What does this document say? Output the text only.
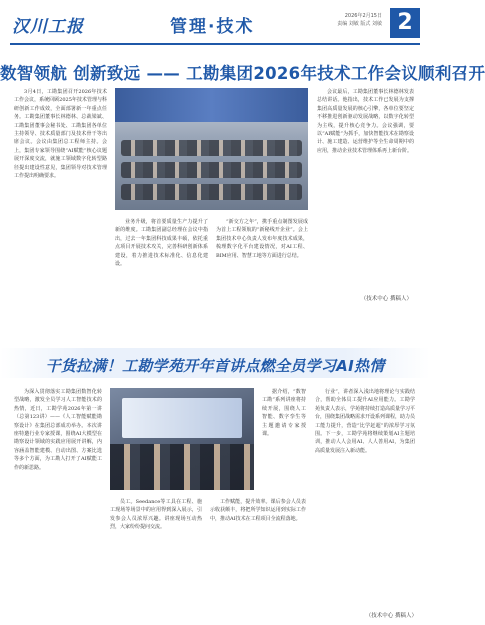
汉川工报	管理·技术
2026年2月15日
责编 刘敏 版式 刘敏 2
数智领航 创新致远 —— 工勘集团2026年技术工作会议顺利召开

3月4日，工勘集团召开2026年技术工作会议，系统回顾2025年技术管理与科研创新工作成效，全面部署新一年重点任务。工勘集团董事长林德林、总裁梁斌、工勘集团董事会秘书处、工勘集团各单位主持领导、技术质量部门及技术骨干等出席会议。会议由集团总工程师主持。会上，集团专家领导围绕“AI赋能”核心议题展开深度交流，就施工领域数字化转型路径提出建设性意见，集团领导对技术管理工作提出明确要求。

业务升级，将首要质量生产力提升了新的维度。工勘集团副总经理在会议中指出，过去一年集团科技成果丰硕，依托重点项目开展技术攻关，完善科研创新体系建设，着力推进技术标准化、信息化建设。

“新交方之年”，携手重点制图发展成为首上工程领航的“新秘线开企业”。会上集团技术中心负责人发布年度技术成果，梳理数字化平台建设情况，对AI工程、BIM应用、智慧工地等方面进行总结。

会议最后，工勘集团董事长林德林发表总结讲话。他指出，技术工作已发展为支撑集团高质量发展的核心引擎，各单位要坚定不移推进创新驱动发展战略，以数字化转型为主线，提升核心竞争力。会议强调，要以“AI赋能”为抓手，加快智能技术在勘察设计、施工建造、运营维护等全生命周期中的应用，推动企业技术管理体系再上新台阶。

（技术中心 撰稿人）
干货拉满！工勘学苑开年首讲点燃全员学习AI热情

为深入贯彻落实工勘集团数智化转型战略，激发全员学习人工智能技术的热情，近日，工勘学苑2026年第一讲（总第123讲）——《人工智能赋能勘察设计》在集团总部成功举办。本次讲座特邀行业专家授课，围绕AI大模型在勘察设计领域的实践应用展开讲解，内容涵盖智能建模、自动出图、方案比选等多个方面，为工勘人打开了AI赋能工作的新思路。

据介绍，“数智工勘”系列讲座将持续开展，围绕人工智能、数字孪生等主题邀请专家授课。

员工。Seedance等工具在工程、施工现场等场景中的应用得到深入展示，引发参会人员浓厚兴趣。讲座现场互动热烈，大家纷纷提问交流。

工作赋能，提升效率。课后参会人员表示收获颇丰，将把所学知识运用到实际工作中，推动AI技术在工程项目全流程落地。

行业”，讲者深入浅出地将理论与实践结合，帮助全体员工提升AI应用能力。工勘学苑负责人表示，学苑将持续打造高质量学习平台，围绕集团战略需求开设系列课程，助力员工能力提升，营造“比学赶超”的浓厚学习氛围。下一步，工勘学苑将继续策划AI主题培训，推动人人会用AI、人人善用AI，为集团高质量发展注入新动能。

（技术中心 撰稿人）
